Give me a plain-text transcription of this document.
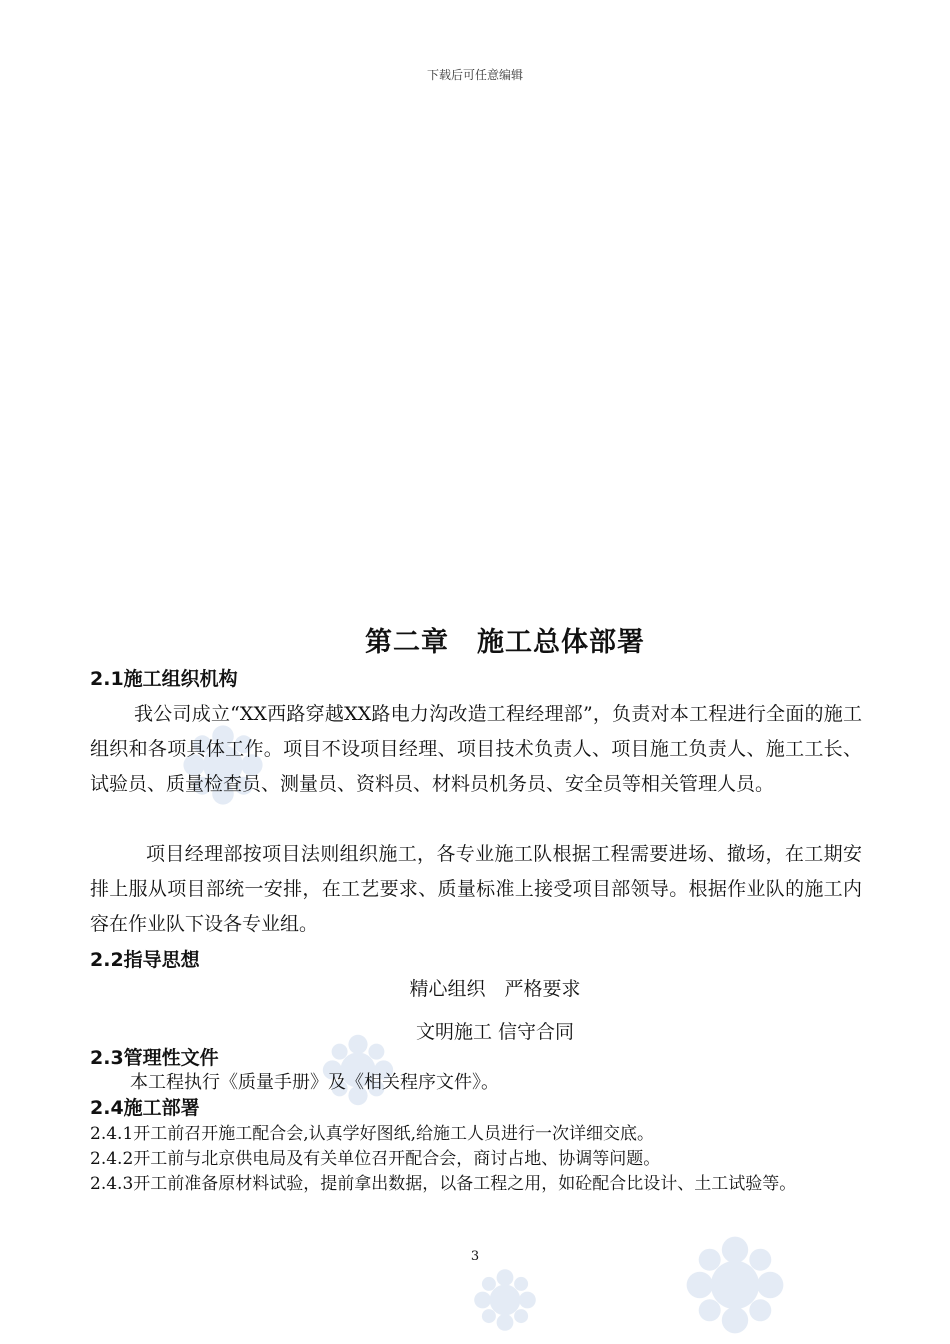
下载后可任意编辑
第二章　施工总体部署
2.1施工组织机构

我公司成立“XX西路穿越XX路电力沟改造工程经理部”，负责对本工程进行全面的施工组织和各项具体工作。项目不设项目经理、项目技术负责人、项目施工负责人、施工工长、试验员、质量检查员、测量员、资料员、材料员机务员、安全员等相关管理人员。

项目经理部按项目法则组织施工，各专业施工队根据工程需要进场、撤场，在工期安排上服从项目部统一安排，在工艺要求、质量标准上接受项目部领导。根据作业队的施工内容在作业队下设各专业组。

2.2指导思想
精心组织　严格要求
文明施工 信守合同
2.3管理性文件

本工程执行《质量手册》及《相关程序文件》。

2.4施工部署

2.4.1开工前召开施工配合会,认真学好图纸,给施工人员进行一次详细交底。

2.4.2开工前与北京供电局及有关单位召开配合会，商讨占地、协调等问题。

2.4.3开工前准备原材料试验，提前拿出数据，以备工程之用，如砼配合比设计、土工试验等。

3
